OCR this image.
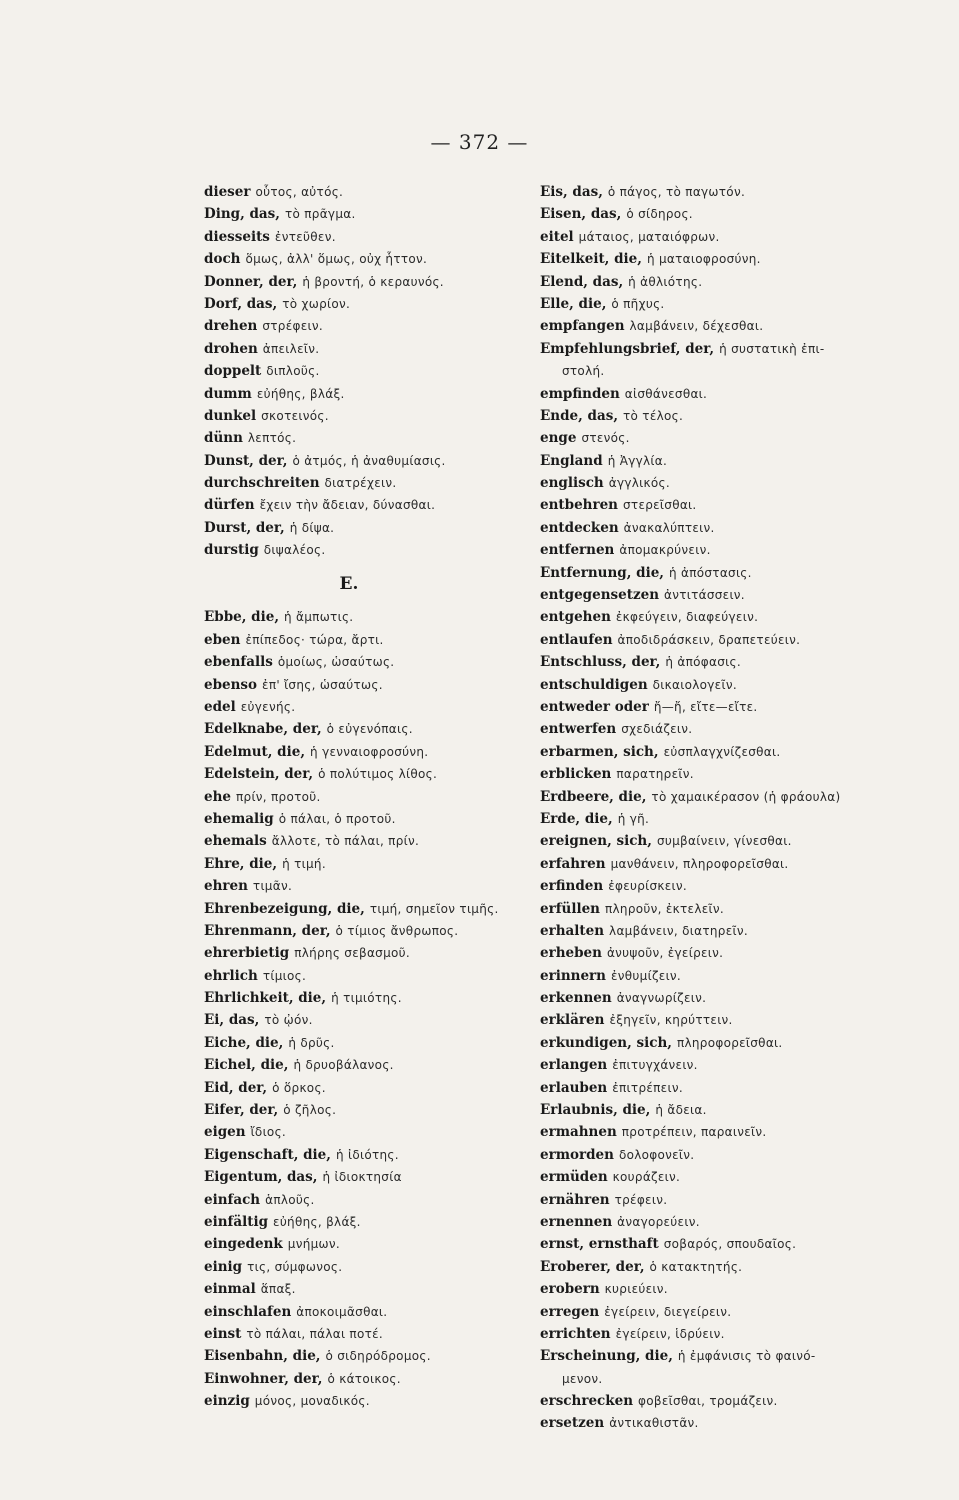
— 372 —
dieser οὗτος, αὐτός.
Ding, das, τὸ πρᾶγμα.
diesseits ἐντεῦθεν.
doch ὅμως, ἀλλ' ὅμως, οὐχ ἧττον.
Donner, der, ἡ βροντή, ὁ κεραυνός.
Dorf, das, τὸ χωρίον.
drehen στρέφειν.
drohen ἀπειλεῖν.
doppelt διπλοῦς.
dumm εὐήθης, βλάξ.
dunkel σκοτεινός.
dünn λεπτός.
Dunst, der, ὁ ἀτμός, ἡ ἀναθυμίασις.
durchschreiten διατρέχειν.
dürfen ἔχειν τὴν ἄδειαν, δύνασθαι.
Durst, der, ἡ δίψα.
durstig διψαλέος.
E.
Ebbe, die, ἡ ἄμπωτις.
eben ἐπίπεδος· τώρα, ἄρτι.
ebenfalls ὁμοίως, ὡσαύτως.
ebenso ἐπ' ἴσης, ὡσαύτως.
edel εὐγενής.
Edelknabe, der, ὁ εὐγενόπαις.
Edelmut, die, ἡ γενναιοφροσύνη.
Edelstein, der, ὁ πολύτιμος λίθος.
ehe πρίν, προτοῦ.
ehemalig ὁ πάλαι, ὁ προτοῦ.
ehemals ἄλλοτε, τὸ πάλαι, πρίν.
Ehre, die, ἡ τιμή.
ehren τιμᾶν.
Ehrenbezeigung, die, τιμή, σημεῖον τιμῆς.
Ehrenmann, der, ὁ τίμιος ἄνθρωπος.
ehrerbietig πλήρης σεβασμοῦ.
ehrlich τίμιος.
Ehrlichkeit, die, ἡ τιμιότης.
Ei, das, τὸ ᾠόν.
Eiche, die, ἡ δρῦς.
Eichel, die, ἡ δρυοβάλανος.
Eid, der, ὁ ὅρκος.
Eifer, der, ὁ ζῆλος.
eigen ἴδιος.
Eigenschaft, die, ἡ ἰδιότης.
Eigentum, das, ἡ ἰδιοκτησία
einfach ἁπλοῦς.
einfältig εὐήθης, βλάξ.
eingedenk μνήμων.
einig τις, σύμφωνος.
einmal ἅπαξ.
einschlafen ἀποκοιμᾶσθαι.
einst τὸ πάλαι, πάλαι ποτέ.
Eisenbahn, die, ὁ σιδηρόδρομος.
Einwohner, der, ὁ κάτοικος.
einzig μόνος, μοναδικός.
Eis, das, ὁ πάγος, τὸ παγωτόν.
Eisen, das, ὁ σίδηρος.
eitel μάταιος, ματαιόφρων.
Eitelkeit, die, ἡ ματαιοφροσύνη.
Elend, das, ἡ ἀθλιότης.
Elle, die, ὁ πῆχυς.
empfangen λαμβάνειν, δέχεσθαι.
Empfehlungsbrief, der, ἡ συστατικὴ ἐπι-
στολή.
empfinden αἰσθάνεσθαι.
Ende, das, τὸ τέλος.
enge στενός.
England ἡ Ἀγγλία.
englisch ἀγγλικός.
entbehren στερεῖσθαι.
entdecken ἀνακαλύπτειν.
entfernen ἀπομακρύνειν.
Entfernung, die, ἡ ἀπόστασις.
entgegensetzen ἀντιτάσσειν.
entgehen ἐκφεύγειν, διαφεύγειν.
entlaufen ἀποδιδράσκειν, δραπετεύειν.
Entschluss, der, ἡ ἀπόφασις.
entschuldigen δικαιολογεῖν.
entweder oder ἤ—ἤ, εἴτε—εἴτε.
entwerfen σχεδιάζειν.
erbarmen, sich, εὐσπλαγχνίζεσθαι.
erblicken παρατηρεῖν.
Erdbeere, die, τὸ χαμαικέρασον (ἡ φράουλα)
Erde, die, ἡ γῆ.
ereignen, sich, συμβαίνειν, γίνεσθαι.
erfahren μανθάνειν, πληροφορεῖσθαι.
erfinden ἐφευρίσκειν.
erfüllen πληροῦν, ἐκτελεῖν.
erhalten λαμβάνειν, διατηρεῖν.
erheben ἀνυψοῦν, ἐγείρειν.
erinnern ἐνθυμίζειν.
erkennen ἀναγνωρίζειν.
erklären ἐξηγεῖν, κηρύττειν.
erkundigen, sich, πληροφορεῖσθαι.
erlangen ἐπιτυγχάνειν.
erlauben ἐπιτρέπειν.
Erlaubnis, die, ἡ ἄδεια.
ermahnen προτρέπειν, παραινεῖν.
ermorden δολοφονεῖν.
ermüden κουράζειν.
ernähren τρέφειν.
ernennen ἀναγορεύειν.
ernst, ernsthaft σοβαρός, σπουδαῖος.
Eroberer, der, ὁ κατακτητής.
erobern κυριεύειν.
erregen ἐγείρειν, διεγείρειν.
errichten ἐγείρειν, ἱδρύειν.
Erscheinung, die, ἡ ἐμφάνισις τὸ φαινό-
μενον.
erschrecken φοβεῖσθαι, τρομάζειν.
ersetzen ἀντικαθιστᾶν.
